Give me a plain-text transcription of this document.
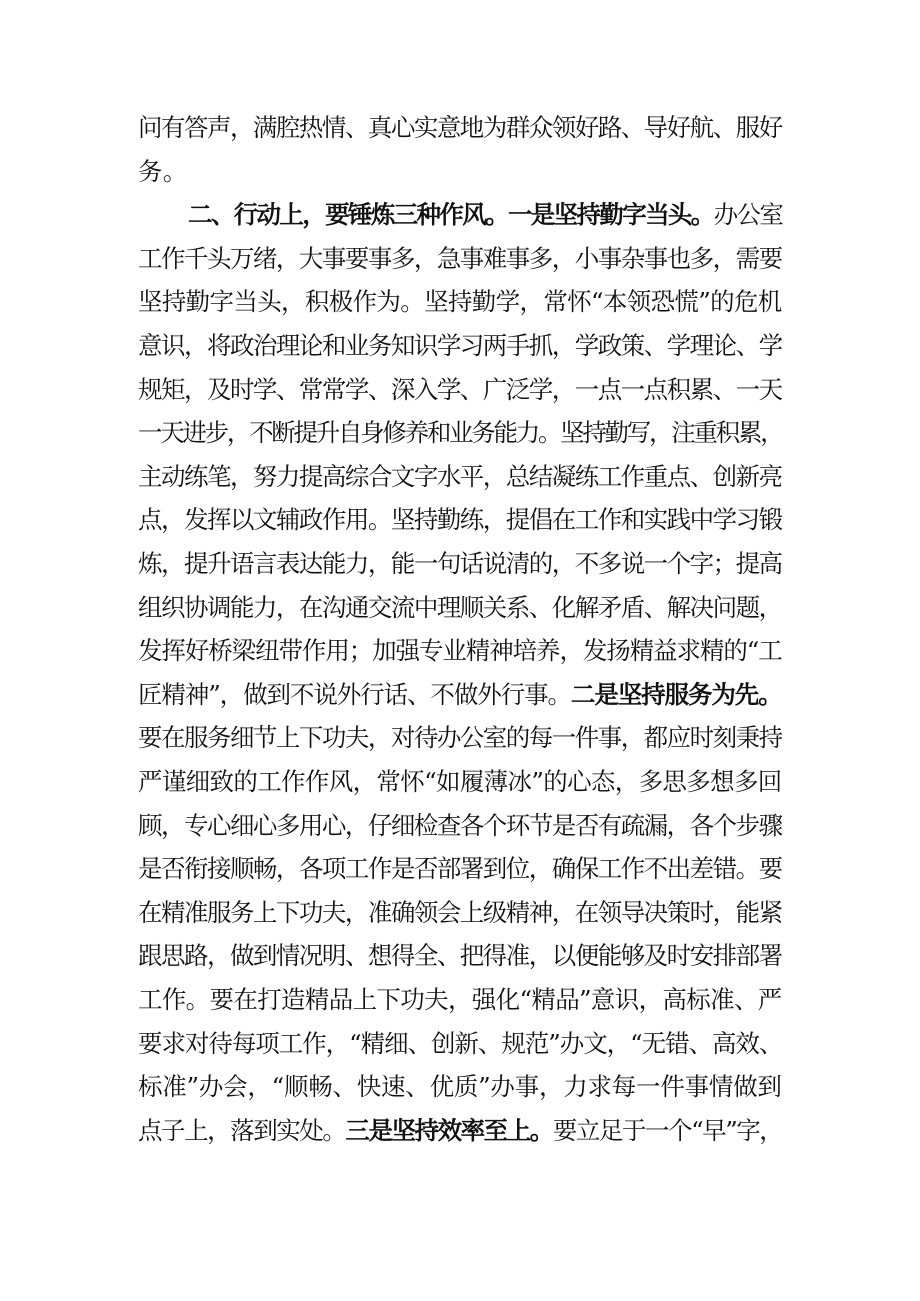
问有答声，满腔热情、真心实意地为群众领好路、导好航、服好
务。
二、行动上，要锤炼三种作风。一是坚持勤字当头。办公室
工作千头万绪，大事要事多，急事难事多，小事杂事也多，需要
坚持勤字当头，积极作为。坚持勤学，常怀“本领恐慌”的危机
意识，将政治理论和业务知识学习两手抓，学政策、学理论、学
规矩，及时学、常常学、深入学、广泛学，一点一点积累、一天
一天进步，不断提升自身修养和业务能力。坚持勤写，注重积累，
主动练笔，努力提高综合文字水平，总结凝练工作重点、创新亮
点，发挥以文辅政作用。坚持勤练，提倡在工作和实践中学习锻
炼，提升语言表达能力，能一句话说清的，不多说一个字；提高
组织协调能力，在沟通交流中理顺关系、化解矛盾、解决问题，
发挥好桥梁纽带作用；加强专业精神培养，发扬精益求精的“工
匠精神”，做到不说外行话、不做外行事。二是坚持服务为先。
要在服务细节上下功夫，对待办公室的每一件事，都应时刻秉持
严谨细致的工作作风，常怀“如履薄冰”的心态，多思多想多回
顾，专心细心多用心，仔细检查各个环节是否有疏漏，各个步骤
是否衔接顺畅，各项工作是否部署到位，确保工作不出差错。要
在精准服务上下功夫，准确领会上级精神，在领导决策时，能紧
跟思路，做到情况明、想得全、把得准，以便能够及时安排部署
工作。要在打造精品上下功夫，强化“精品”意识，高标准、严
要求对待每项工作，“精细、创新、规范”办文，“无错、高效、
标准”办会，“顺畅、快速、优质”办事，力求每一件事情做到
点子上，落到实处。三是坚持效率至上。要立足于一个“早”字，
